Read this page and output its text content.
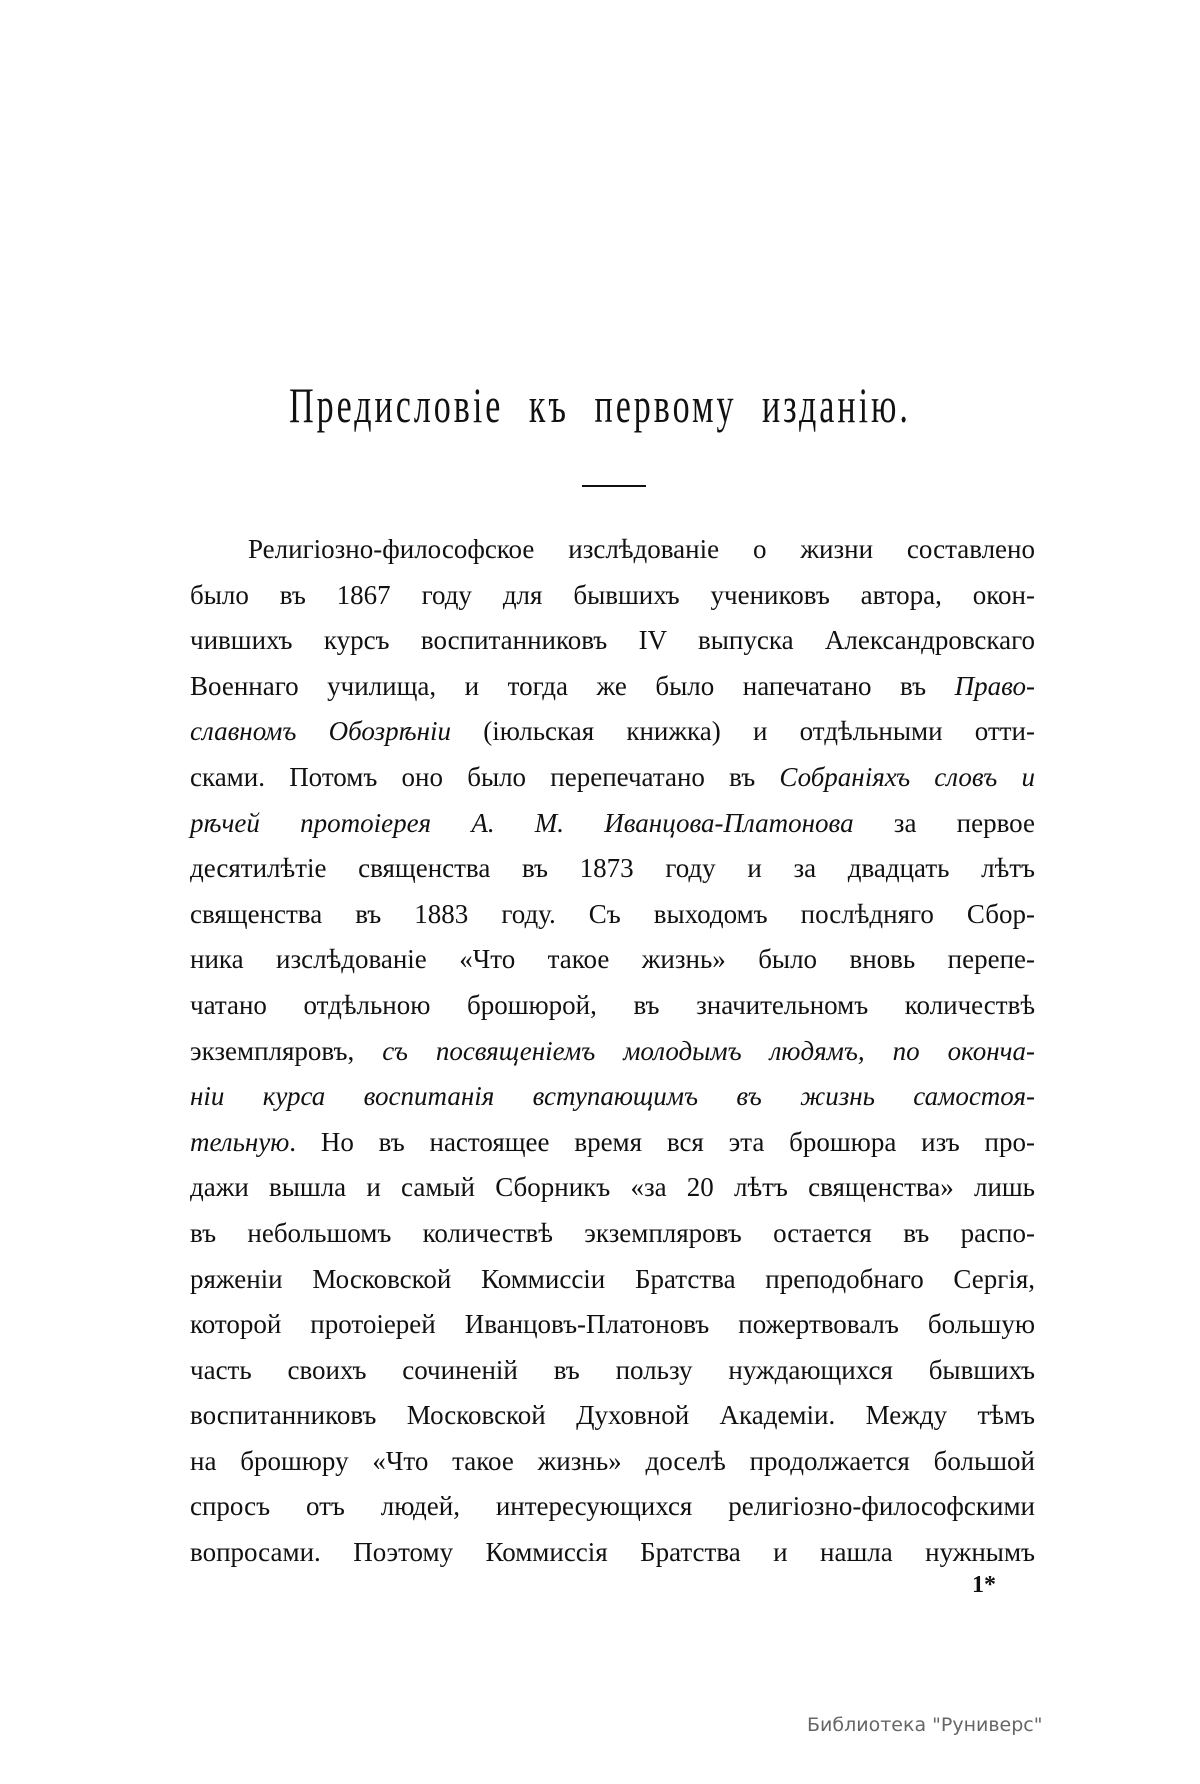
Предисловіе къ первому изданію.
Религіозно-философское изслѣдованіе о жизни составлено
было въ 1867 году для бывшихъ учениковъ автора, окон-
чившихъ курсъ воспитанниковъ IV выпуска Александровскаго
Военнаго училища, и тогда же было напечатано въ Право-
славномъ Обозрѣніи (іюльская книжка) и отдѣльными отти-
сками. Потомъ оно было перепечатано въ Собраніяхъ словъ и
рѣчей протоіерея А. М. Иванцова-Платонова за первое
десятилѣтіе священства въ 1873 году и за двадцать лѣтъ
священства въ 1883 году. Съ выходомъ послѣдняго Сбор-
ника изслѣдованіе «Что такое жизнь» было вновь перепе-
чатано отдѣльною брошюрой, въ значительномъ количествѣ
экземпляровъ, съ посвященіемъ молодымъ людямъ, по оконча-
ніи курса воспитанія вступающимъ въ жизнь самостоя-
тельную. Но въ настоящее время вся эта брошюра изъ про-
дажи вышла и самый Сборникъ «за 20 лѣтъ священства» лишь
въ небольшомъ количествѣ экземпляровъ остается въ распо-
ряженіи Московской Коммиссіи Братства преподобнаго Сергія,
которой протоіерей Иванцовъ-Платоновъ пожертвовалъ большую
часть своихъ сочиненій въ пользу нуждающихся бывшихъ
воспитанниковъ Московской Духовной Академіи. Между тѣмъ
на брошюру «Что такое жизнь» доселѣ продолжается большой
спросъ отъ людей, интересующихся религіозно-философскими
вопросами. Поэтому Коммиссія Братства и нашла нужнымъ
1*
Библиотека "Руниверс"
